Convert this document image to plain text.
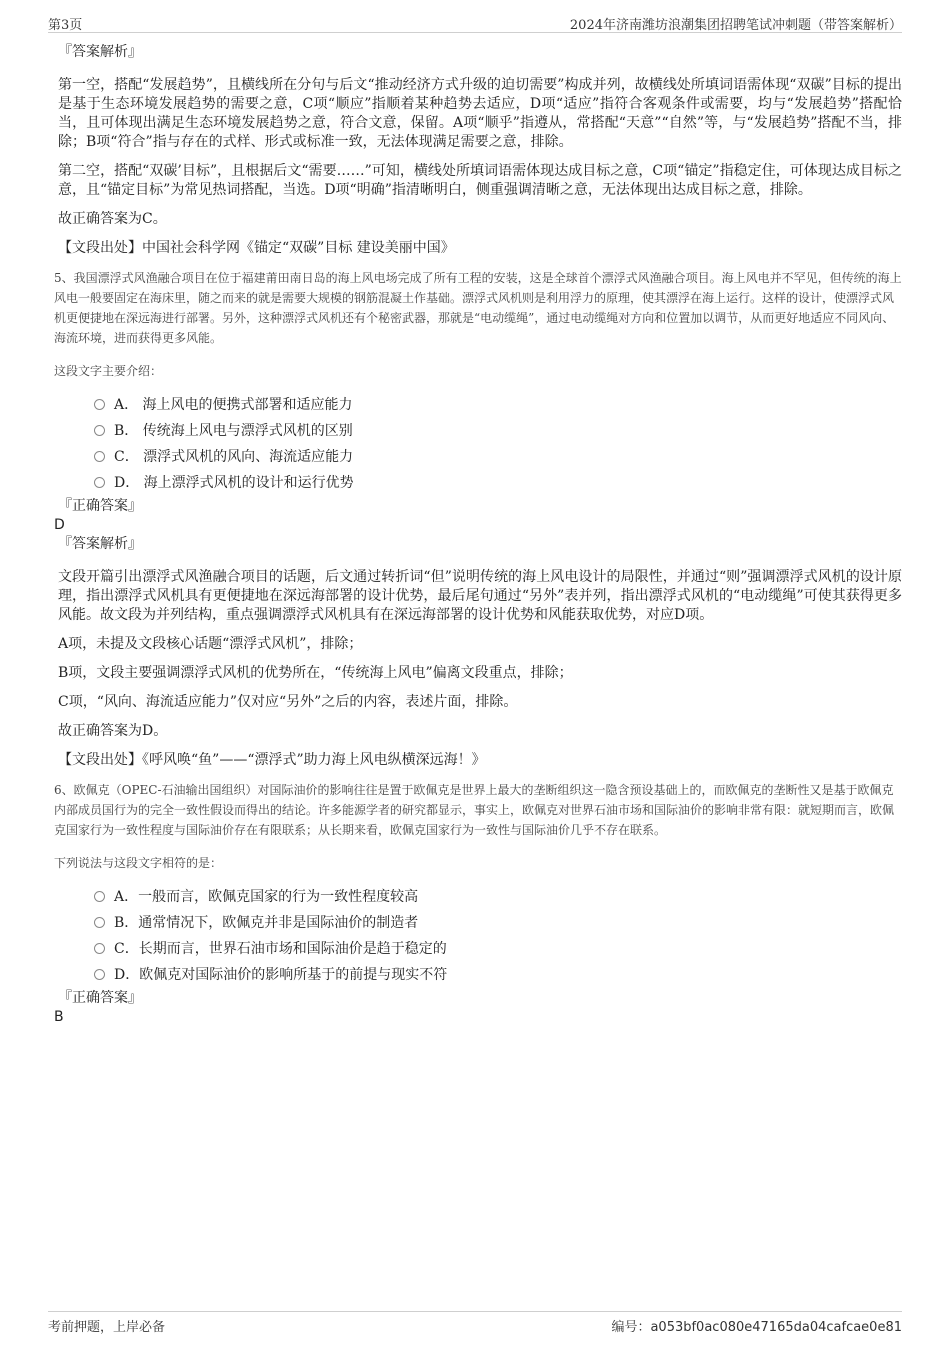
第3页	2024年济南潍坊浪潮集团招聘笔试冲刺题（带答案解析）
『答案解析』

第一空，搭配“发展趋势”，且横线所在分句与后文“推动经济方式升级的迫切需要”构成并列，故横线处所填词语需体现“双碳”目标的提出是基于生态环境发展趋势的需要之意，C项“顺应”指顺着某种趋势去适应，D项“适应”指符合客观条件或需要，均与“发展趋势”搭配恰当，且可体现出满足生态环境发展趋势之意，符合文意，保留。A项“顺乎”指遵从，常搭配“天意”“自然”等，与“发展趋势”搭配不当，排除；B项“符合”指与存在的式样、形式或标准一致，无法体现满足需要之意，排除。

第二空，搭配“双碳’目标”，且根据后文“需要……”可知，横线处所填词语需体现达成目标之意，C项“锚定”指稳定住，可体现达成目标之意，且“锚定目标”为常见热词搭配，当选。D项“明确”指清晰明白，侧重强调清晰之意，无法体现出达成目标之意，排除。

故正确答案为C。

【文段出处】中国社会科学网《锚定“双碳”目标 建设美丽中国》

5、我国漂浮式风渔融合项目在位于福建莆田南日岛的海上风电场完成了所有工程的安装，这是全球首个漂浮式风渔融合项目。海上风电并不罕见，但传统的海上风电一般要固定在海床里，随之而来的就是需要大规模的钢筋混凝土作基础。漂浮式风机则是利用浮力的原理，使其漂浮在海上运行。这样的设计，使漂浮式风机更便捷地在深远海进行部署。另外，这种漂浮式风机还有个秘密武器，那就是“电动缆绳”，通过电动缆绳对方向和位置加以调节，从而更好地适应不同风向、海流环境，进而获得更多风能。

这段文字主要介绍：

A． 海上风电的便携式部署和适应能力
B． 传统海上风电与漂浮式风机的区别
C． 漂浮式风机的风向、海流适应能力
D． 海上漂浮式风机的设计和运行优势
『正确答案』
D
『答案解析』

文段开篇引出漂浮式风渔融合项目的话题，后文通过转折词“但”说明传统的海上风电设计的局限性，并通过“则”强调漂浮式风机的设计原理，指出漂浮式风机具有更便捷地在深远海部署的设计优势，最后尾句通过“另外”表并列，指出漂浮式风机的“电动缆绳”可使其获得更多风能。故文段为并列结构，重点强调漂浮式风机具有在深远海部署的设计优势和风能获取优势，对应D项。

A项，未提及文段核心话题“漂浮式风机”，排除；

B项，文段主要强调漂浮式风机的优势所在，“传统海上风电”偏离文段重点，排除；

C项，“风向、海流适应能力”仅对应“另外”之后的内容，表述片面，排除。

故正确答案为D。

【文段出处】《呼风唤“鱼”——“漂浮式”助力海上风电纵横深远海！》

6、欧佩克（OPEC-石油输出国组织）对国际油价的影响往往是置于欧佩克是世界上最大的垄断组织这一隐含预设基础上的，而欧佩克的垄断性又是基于欧佩克内部成员国行为的完全一致性假设而得出的结论。许多能源学者的研究都显示，事实上，欧佩克对世界石油市场和国际油价的影响非常有限：就短期而言，欧佩克国家行为一致性程度与国际油价存在有限联系；从长期来看，欧佩克国家行为一致性与国际油价几乎不存在联系。

下列说法与这段文字相符的是：

A．一般而言，欧佩克国家的行为一致性程度较高
B．通常情况下，欧佩克并非是国际油价的制造者
C．长期而言，世界石油市场和国际油价是趋于稳定的
D．欧佩克对国际油价的影响所基于的前提与现实不符
『正确答案』
B
考前押题，上岸必备	编号：a053bf0ac080e47165da04cafcae0e81
